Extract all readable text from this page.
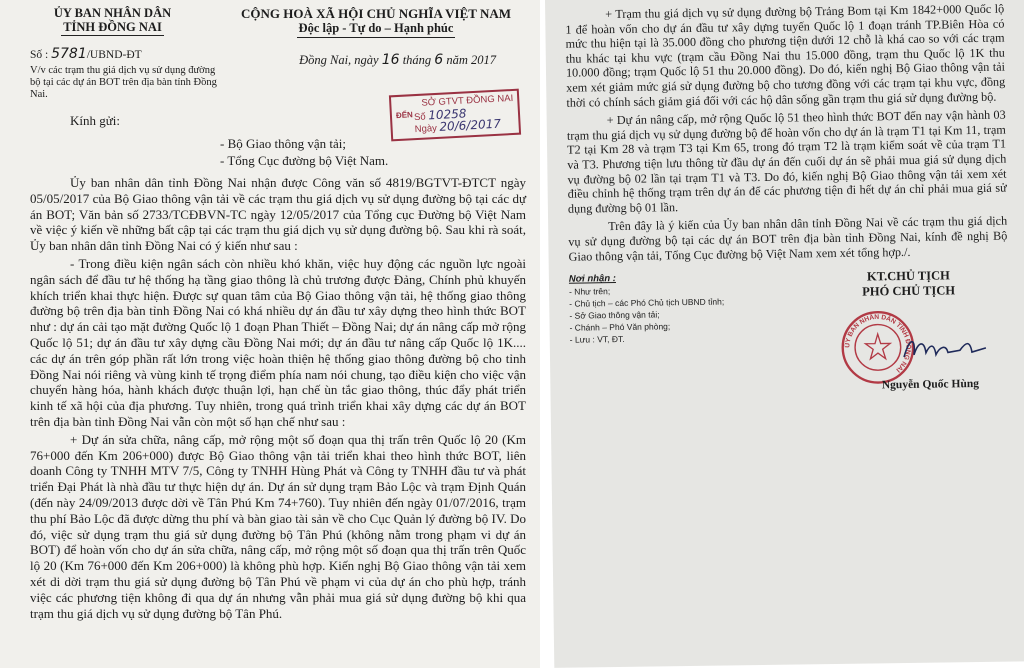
ỦY BAN NHÂN DÂN
TỈNH ĐỒNG NAI
CỘNG HOÀ XÃ HỘI CHỦ NGHĨA VIỆT NAM
Độc lập - Tự do – Hạnh phúc
Số : 5781/UBND-ĐT
V/v các trạm thu giá dịch vụ sử dụng đường bộ tại các dự án BOT trên địa bàn tỉnh Đồng Nai.
Đồng Nai, ngày 16 tháng 6 năm 2017
SỞ GTVT ĐỒNG NAI
ĐẾN Số 10258
Ngày 20/6/2017
Kính gửi:
- Bộ Giao thông vận tải;
- Tổng Cục đường bộ Việt Nam.

Ủy ban nhân dân tỉnh Đồng Nai nhận được Công văn số 4819/BGTVT-ĐTCT ngày 05/05/2017 của Bộ Giao thông vận tải về các trạm thu giá dịch vụ sử dụng đường bộ tại các dự án BOT; Văn bản số 2733/TCĐBVN-TC ngày 12/05/2017 của Tổng cục Đường bộ Việt Nam về việc ý kiến về những bất cập tại các trạm thu giá dịch vụ sử dụng đường bộ. Sau khi rà soát, Ủy ban nhân dân tỉnh Đồng Nai có ý kiến như sau :

- Trong điều kiện ngân sách còn nhiều khó khăn, việc huy động các nguồn lực ngoài ngân sách để đầu tư hệ thống hạ tầng giao thông là chủ trương được Đảng, Chính phủ khuyến khích triển khai thực hiện. Được sự quan tâm của Bộ Giao thông vận tải, hệ thống giao thông đường bộ trên địa bàn tỉnh Đồng Nai có khá nhiều dự án đầu tư xây dựng theo hình thức BOT như : dự án cải tạo mặt đường Quốc lộ 1 đoạn Phan Thiết – Đồng Nai; dự án nâng cấp mở rộng Quốc lộ 51; dự án đầu tư xây dựng cầu Đồng Nai mới; dự án đầu tư nâng cấp Quốc lộ 1K.... các dự án trên góp phần rất lớn trong việc hoàn thiện hệ thống giao thông đường bộ cho tỉnh Đồng Nai nói riêng và vùng kinh tế trọng điểm phía nam nói chung, tạo điều kiện cho việc vận chuyển hàng hóa, hành khách được thuận lợi, hạn chế ùn tắc giao thông, thúc đẩy phát triển kinh tế xã hội của địa phương. Tuy nhiên, trong quá trình triển khai xây dựng các dự án BOT trên địa bàn tỉnh Đồng Nai vẫn còn một số hạn chế như sau :

+ Dự án sửa chữa, nâng cấp, mở rộng một số đoạn qua thị trấn trên Quốc lộ 20 (Km 76+000 đến Km 206+000) được Bộ Giao thông vận tải triển khai theo hình thức BOT, liên doanh Công ty TNHH MTV 7/5, Công ty TNHH Hùng Phát và Công ty TNHH đầu tư và phát triển Đại Phát là nhà đầu tư thực hiện dự án. Dự án sử dụng trạm Bảo Lộc và trạm Định Quán (đến này 24/09/2013 được dời về Tân Phú Km 74+760). Tuy nhiên đến ngày 01/07/2016, trạm thu phí Bảo Lộc đã được dừng thu phí và bàn giao tài sản về cho Cục Quản lý đường bộ IV. Do đó, việc sử dụng trạm thu giá sử dụng đường bộ Tân Phú (không nằm trong phạm vi dự án BOT) để hoàn vốn cho dự án sửa chữa, nâng cấp, mở rộng một số đoạn qua thị trấn trên Quốc lộ 20 (Km 76+000 đến Km 206+000) là không phù hợp. Kiến nghị Bộ Giao thông vận tải xem xét di dời trạm thu giá sử dụng đường bộ Tân Phú về phạm vi của dự án cho phù hợp, tránh việc các phương tiện không đi qua dự án nhưng vẫn phải mua giá sử dụng đường bộ khi qua trạm thu giá dịch vụ sử dụng đường bộ Tân Phú.

+ Trạm thu giá dịch vụ sử dụng đường bộ Trảng Bom tại Km 1842+000 Quốc lộ 1 để hoàn vốn cho dự án đầu tư xây dựng tuyến Quốc lộ 1 đoạn tránh TP.Biên Hòa có mức thu hiện tại là 35.000 đồng cho phương tiện dưới 12 chỗ là khá cao so với các trạm thu khác tại khu vực (trạm cầu Đồng Nai thu 15.000 đồng, trạm thu Quốc lộ 1K thu 10.000 đồng; trạm Quốc lộ 51 thu 20.000 đồng). Do đó, kiến nghị Bộ Giao thông vận tải xem xét giảm mức giá sử dụng đường bộ cho tương đồng với các trạm tại khu vực, đồng thời có chính sách giảm giá đối với các hộ dân sống gần trạm thu giá sử dụng đường bộ.

+ Dự án nâng cấp, mở rộng Quốc lộ 51 theo hình thức BOT đến nay vận hành 03 trạm thu giá dịch vụ sử dụng đường bộ để hoàn vốn cho dự án là trạm T1 tại Km 11, trạm T2 tại Km 28 và trạm T3 tại Km 65, trong đó trạm T2 là trạm kiểm soát về của trạm T1 và T3. Phương tiện lưu thông từ đầu dự án đến cuối dự án sẽ phải mua giá sử dụng dịch vụ đường bộ 02 lần tại trạm T1 và T3. Do đó, kiến nghị Bộ Giao thông vận tải xem xét điều chỉnh hệ thống trạm trên dự án để các phương tiện đi hết dự án chỉ phải mua giá sử dụng đường bộ 01 lần.

Trên đây là ý kiến của Ủy ban nhân dân tỉnh Đồng Nai về các trạm thu giá dịch vụ sử dụng đường bộ tại các dự án BOT trên địa bàn tỉnh Đồng Nai, kính đề nghị Bộ Giao thông vận tải, Tổng Cục đường bộ Việt Nam xem xét tổng hợp./.

Nơi nhận :
- Như trên;
- Chủ tịch – các Phó Chủ tịch UBND tỉnh;
- Sở Giao thông vận tải;
- Chánh – Phó Văn phòng;
- Lưu : VT, ĐT.
KT.CHỦ TỊCH
PHÓ CHỦ TỊCH
ỦY BAN NHÂN DÂN TỈNH ĐỒNG NAI
Nguyễn Quốc Hùng
